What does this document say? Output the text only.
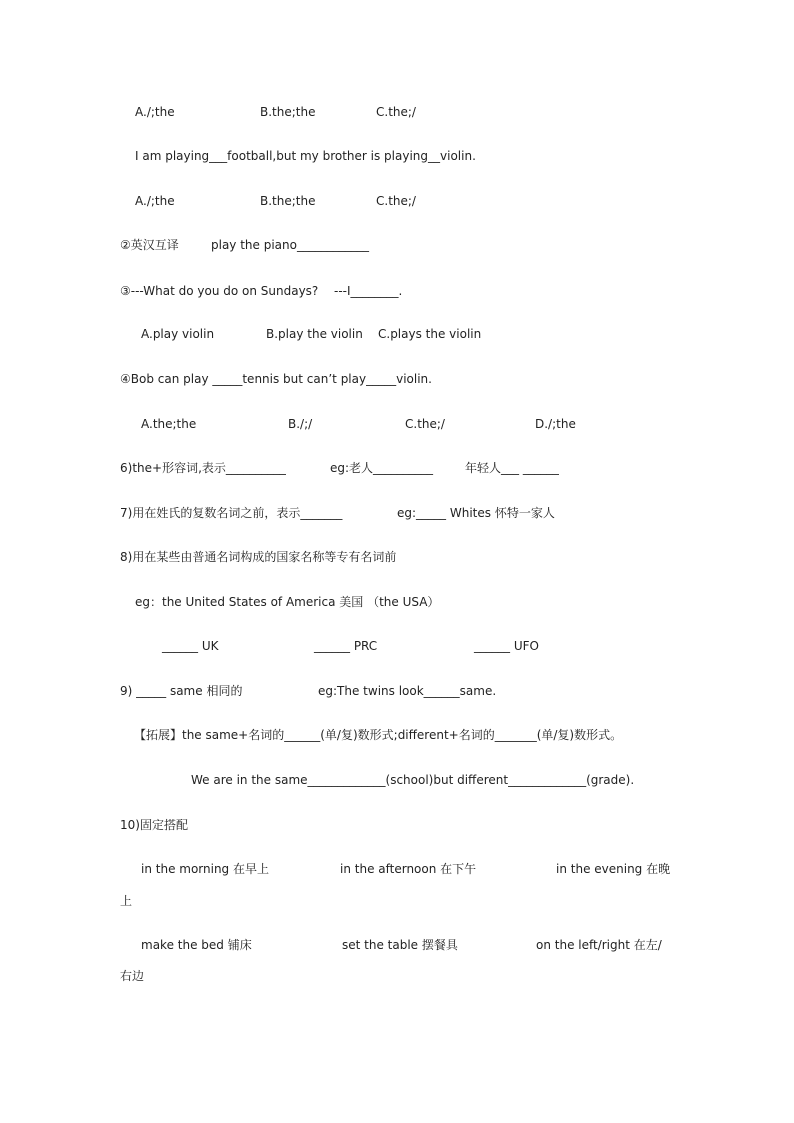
A./;the	B.the;the	C.the;/
I am playing___football,but my brother is playing__violin.
A./;the	B.the;the	C.the;/
②英汉互译	play the piano____________
③---What do you do on Sundays? ---I________.
A.play violin	B.play the violin C.plays the violin
④Bob can play _____tennis but can’t play_____violin.
A.the;the	B./;/	C.the;/	D./;the
6)the+形容词,表示__________	eg:老人__________	年轻人___ ______
7)用在姓氏的复数名词之前，表示_______	eg:_____ Whites 怀特一家人
8)用在某些由普通名词构成的国家名称等专有名词前
eg：the United States of America 美国 （the USA）
______ UK	______ PRC	______ UFO
9) _____ same 相同的	eg:The twins look______same.
【拓展】the same+名词的______(单/复)数形式;different+名词的_______(单/复)数形式。
We are in the same_____________(school)but different_____________(grade).
10)固定搭配
in the morning 在早上	in the afternoon 在下午	in the evening 在晚
上
make the bed 铺床	set the table 摆餐具	on the left/right 在左/
右边
